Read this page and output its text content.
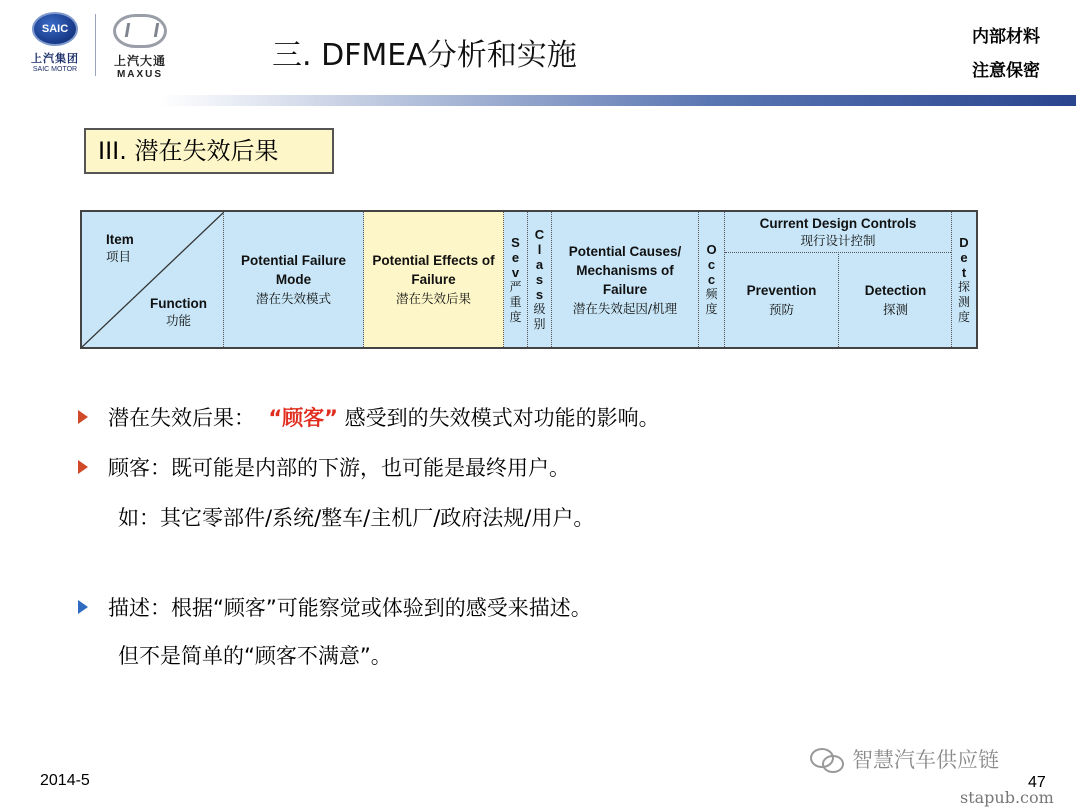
SAIC
上汽集团
SAIC MOTOR
上汽大通
MAXUS
三. DFMEA分析和实施
内部材料
注意保密
III. 潜在失效后果
Item
项目
Function
功能
Potential Failure Mode
潜在失效模式
Potential Effects of Failure
潜在失效后果
S
e
v
严
重
度
C
l
a
s
s
级
别
Potential Causes/ Mechanisms of Failure
潜在失效起因/机理
O
c
c
频
度
Current Design Controls
现行设计控制
Prevention
预防
Detection
探测
D
e
t
探
测
度
潜在失效后果： “顾客” 感受到的失效模式对功能的影响。
顾客：既可能是内部的下游，也可能是最终用户。
如：其它零部件/系统/整车/主机厂/政府法规/用户。
描述：根据“顾客”可能察觉或体验到的感受来描述。
但不是简单的“顾客不满意”。
2014-5
智慧汽车供应链
47
stapub.com
